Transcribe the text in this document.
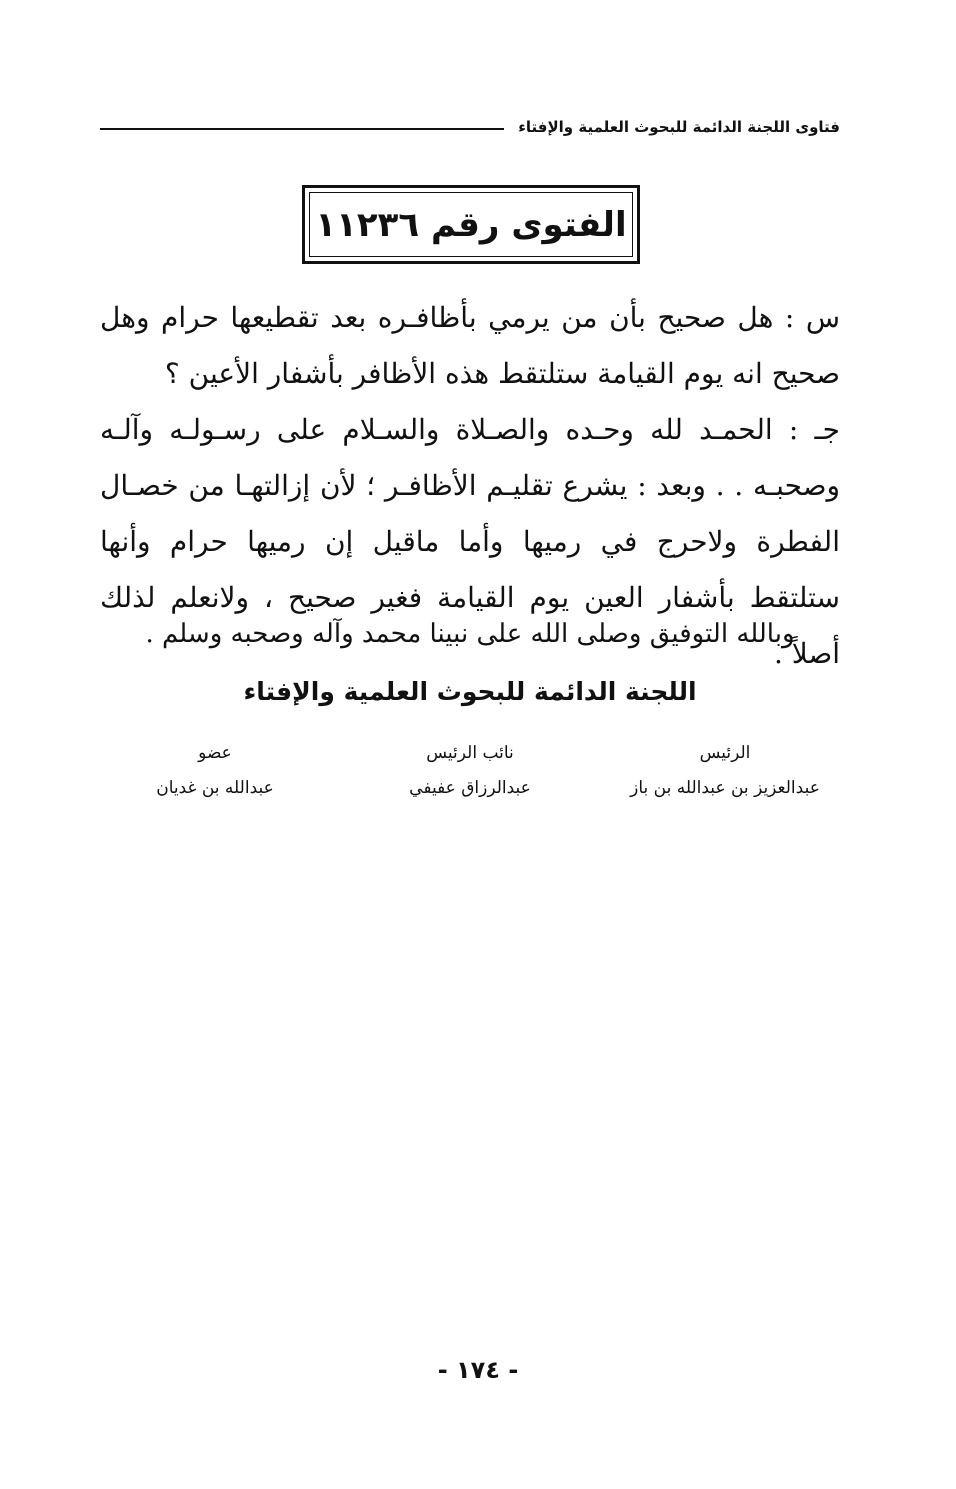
فتاوى اللجنة الدائمة للبحوث العلمية والإفتاء
الفتوى رقم ١١٢٣٦

س : هل صحيح بأن من يرمي بأظافـره بعد تقطيعها حرام وهل صحيح انه يوم القيامة ستلتقط هذه الأظافر بأشفار الأعين ؟

جـ : الحمـد لله وحـده والصـلاة والسـلام على رسـولـه وآلـه وصحبـه . . وبعد : يشرع تقليـم الأظافـر ؛ لأن إزالتهـا من خصـال الفطرة ولاحرج في رميها وأما ماقيل إن رميها حرام وأنها ستلتقط بأشفار العين يوم القيامة فغير صحيح ، ولانعلم لذلك أصلاً .

وبالله التوفيق وصلى الله على نبينا محمد وآله وصحبه وسلم .
اللجنة الدائمة للبحوث العلمية والإفتاء
الرئيس
عبدالعزيز بن عبدالله بن باز
نائب الرئيس
عبدالرزاق عفيفي
عضو
عبدالله بن غديان
- ١٧٤ -
